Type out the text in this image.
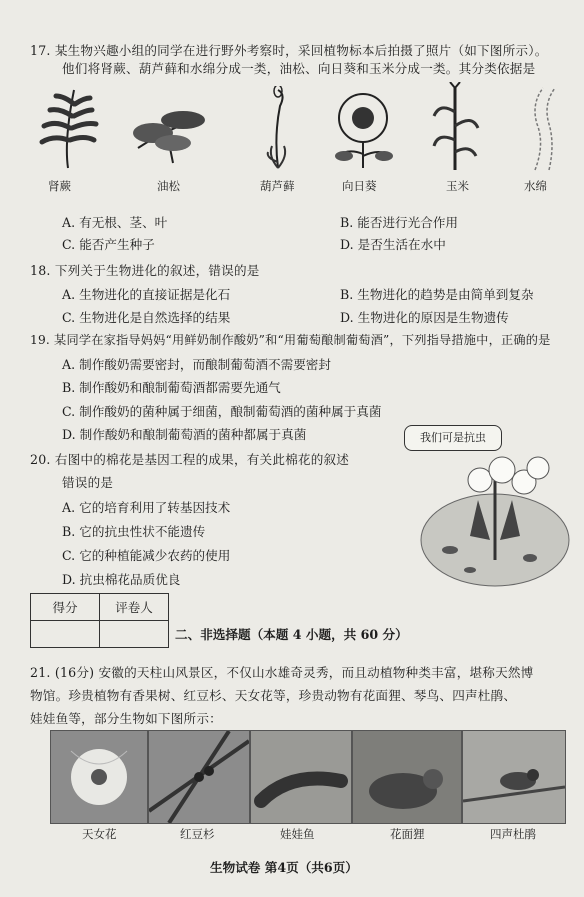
17. 某生物兴趣小组的同学在进行野外考察时，采回植物标本后拍摄了照片（如下图所示）。
他们将肾蕨、葫芦藓和水绵分成一类，油松、向日葵和玉米分成一类。其分类依据是
肾蕨	油松	葫芦藓	向日葵	玉米	水绵
A. 有无根、茎、叶	B. 能否进行光合作用
C. 能否产生种子	D. 是否生活在水中
18. 下列关于生物进化的叙述，错误的是
A. 生物进化的直接证据是化石	B. 生物进化的趋势是由简单到复杂
C. 生物进化是自然选择的结果	D. 生物进化的原因是生物遗传
19. 某同学在家指导妈妈“用鲜奶制作酸奶”和“用葡萄酿制葡萄酒”，下列指导措施中，正确的是
A. 制作酸奶需要密封，而酿制葡萄酒不需要密封
B. 制作酸奶和酿制葡萄酒都需要先通气
C. 制作酸奶的菌种属于细菌，酿制葡萄酒的菌种属于真菌
D. 制作酸奶和酿制葡萄酒的菌种都属于真菌
20. 右图中的棉花是基因工程的成果，有关此棉花的叙述
错误的是
A. 它的培育利用了转基因技术
B. 它的抗虫性状不能遗传
C. 它的种植能减少农药的使用
D. 抗虫棉花品质优良
我们可是抗虫
得分	评卷人

二、非选择题（本题 4 小题，共 60 分）
21. (16分) 安徽的天柱山风景区，不仅山水雄奇灵秀，而且动植物种类丰富，堪称天然博
物馆。珍贵植物有香果树、红豆杉、天女花等，珍贵动物有花面狸、琴鸟、四声杜鹃、
娃娃鱼等，部分生物如下图所示：
天女花	红豆杉	娃娃鱼	花面狸	四声杜鹃
生物试卷 第4页（共6页）
